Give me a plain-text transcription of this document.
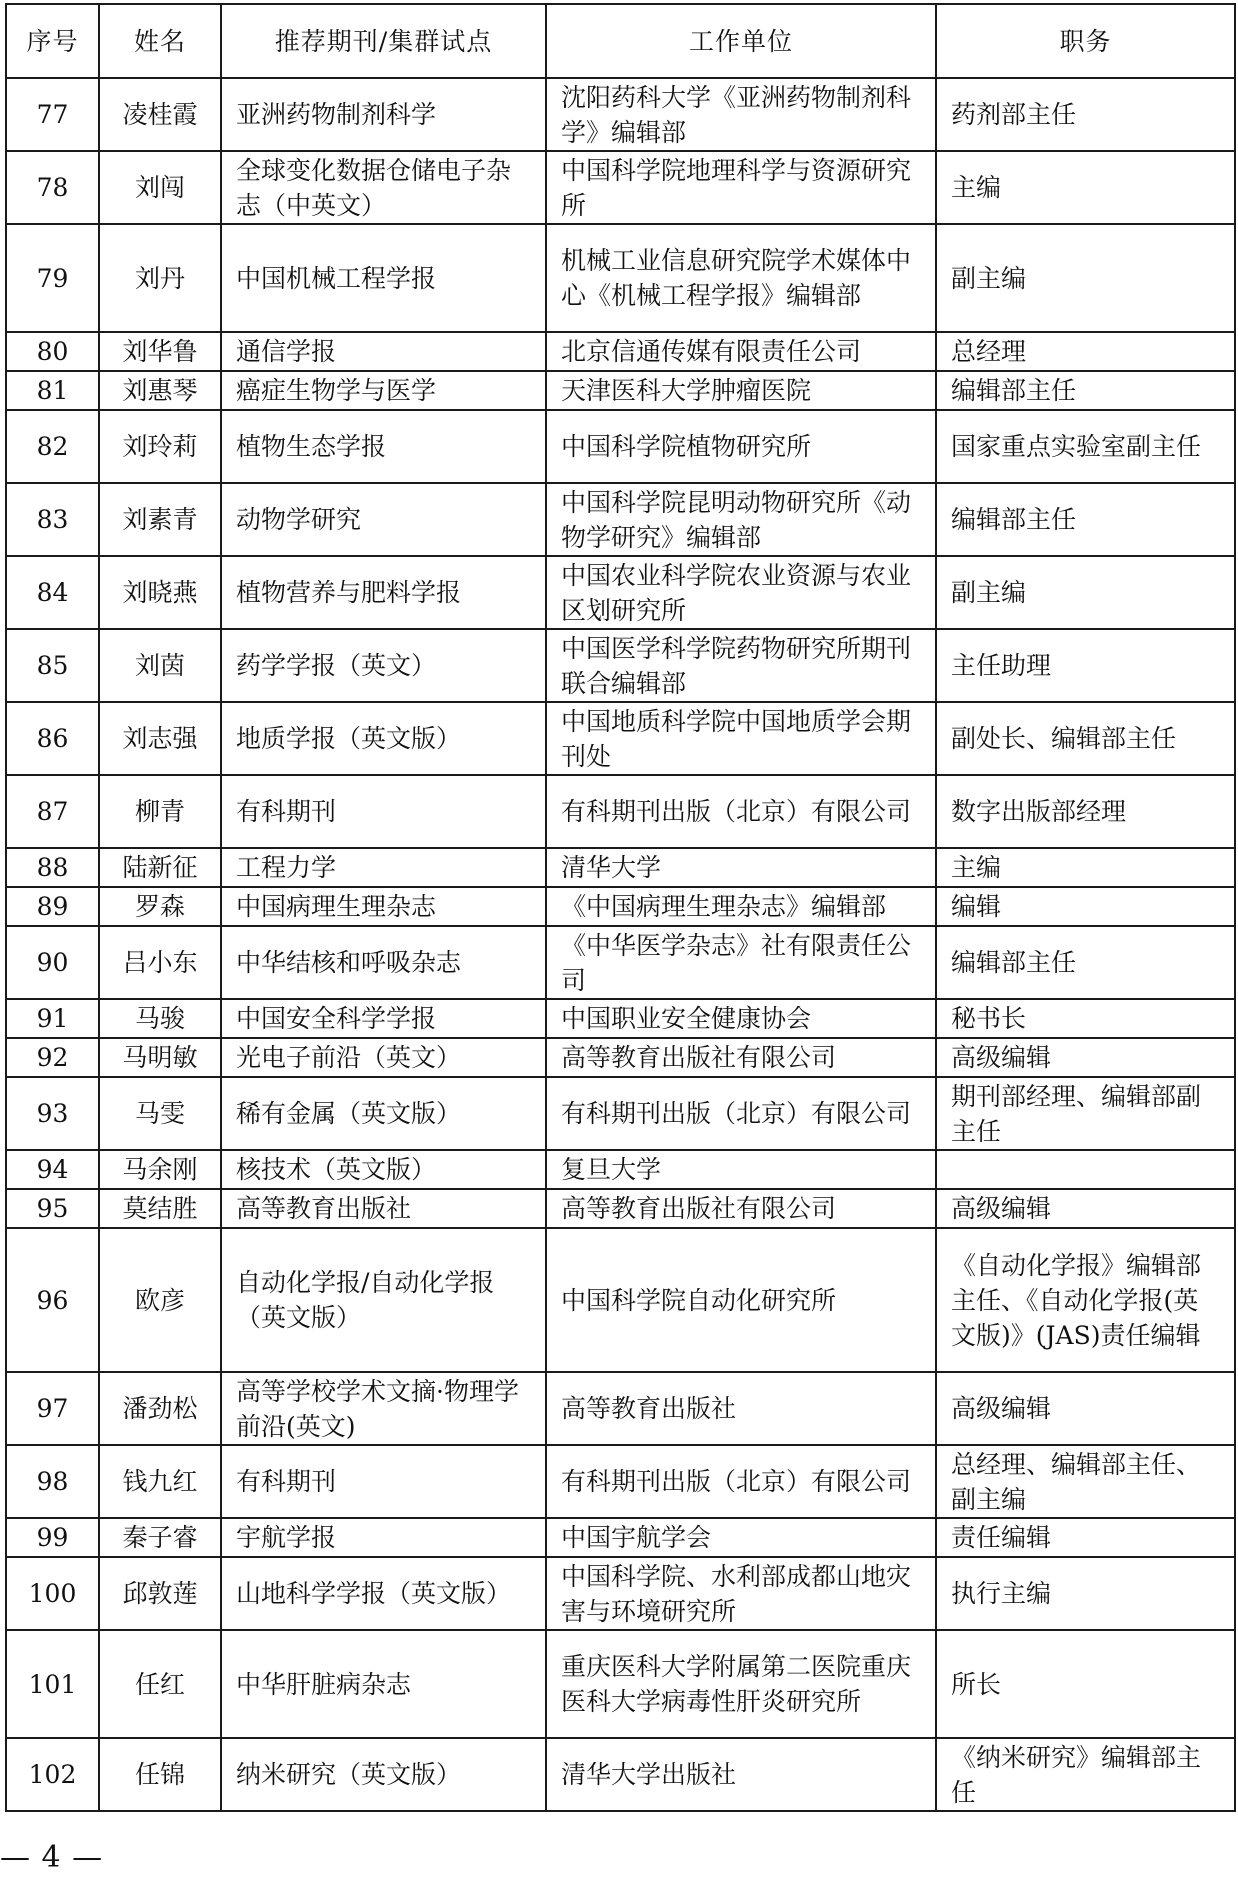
序号	姓名	推荐期刊/集群试点	工作单位	职务
77	凌桂霞	亚洲药物制剂科学	沈阳药科大学《亚洲药物制剂科学》编辑部	药剂部主任
78	刘闯	全球变化数据仓储电子杂志（中英文）	中国科学院地理科学与资源研究所	主编
79	刘丹	中国机械工程学报	机械工业信息研究院学术媒体中心《机械工程学报》编辑部	副主编
80	刘华鲁	通信学报	北京信通传媒有限责任公司	总经理
81	刘惠琴	癌症生物学与医学	天津医科大学肿瘤医院	编辑部主任
82	刘玲莉	植物生态学报	中国科学院植物研究所	国家重点实验室副主任
83	刘素青	动物学研究	中国科学院昆明动物研究所《动物学研究》编辑部	编辑部主任
84	刘晓燕	植物营养与肥料学报	中国农业科学院农业资源与农业区划研究所	副主编
85	刘茵	药学学报（英文）	中国医学科学院药物研究所期刊联合编辑部	主任助理
86	刘志强	地质学报（英文版）	中国地质科学院中国地质学会期刊处	副处长、编辑部主任
87	柳青	有科期刊	有科期刊出版（北京）有限公司	数字出版部经理
88	陆新征	工程力学	清华大学	主编
89	罗森	中国病理生理杂志	《中国病理生理杂志》编辑部	编辑
90	吕小东	中华结核和呼吸杂志	《中华医学杂志》社有限责任公司	编辑部主任
91	马骏	中国安全科学学报	中国职业安全健康协会	秘书长
92	马明敏	光电子前沿（英文）	高等教育出版社有限公司	高级编辑
93	马雯	稀有金属（英文版）	有科期刊出版（北京）有限公司	期刊部经理、编辑部副主任
94	马余刚	核技术（英文版）	复旦大学	
95	莫结胜	高等教育出版社	高等教育出版社有限公司	高级编辑
96	欧彦	自动化学报/自动化学报（英文版）	中国科学院自动化研究所	《自动化学报》编辑部主任、《自动化学报(英文版)》(JAS)责任编辑
97	潘劲松	高等学校学术文摘·物理学前沿(英文)	高等教育出版社	高级编辑
98	钱九红	有科期刊	有科期刊出版（北京）有限公司	总经理、编辑部主任、副主编
99	秦子睿	宇航学报	中国宇航学会	责任编辑
100	邱敦莲	山地科学学报（英文版）	中国科学院、水利部成都山地灾害与环境研究所	执行主编
101	任红	中华肝脏病杂志	重庆医科大学附属第二医院重庆医科大学病毒性肝炎研究所	所长
102	任锦	纳米研究（英文版）	清华大学出版社	《纳米研究》编辑部主任
— 4 —
